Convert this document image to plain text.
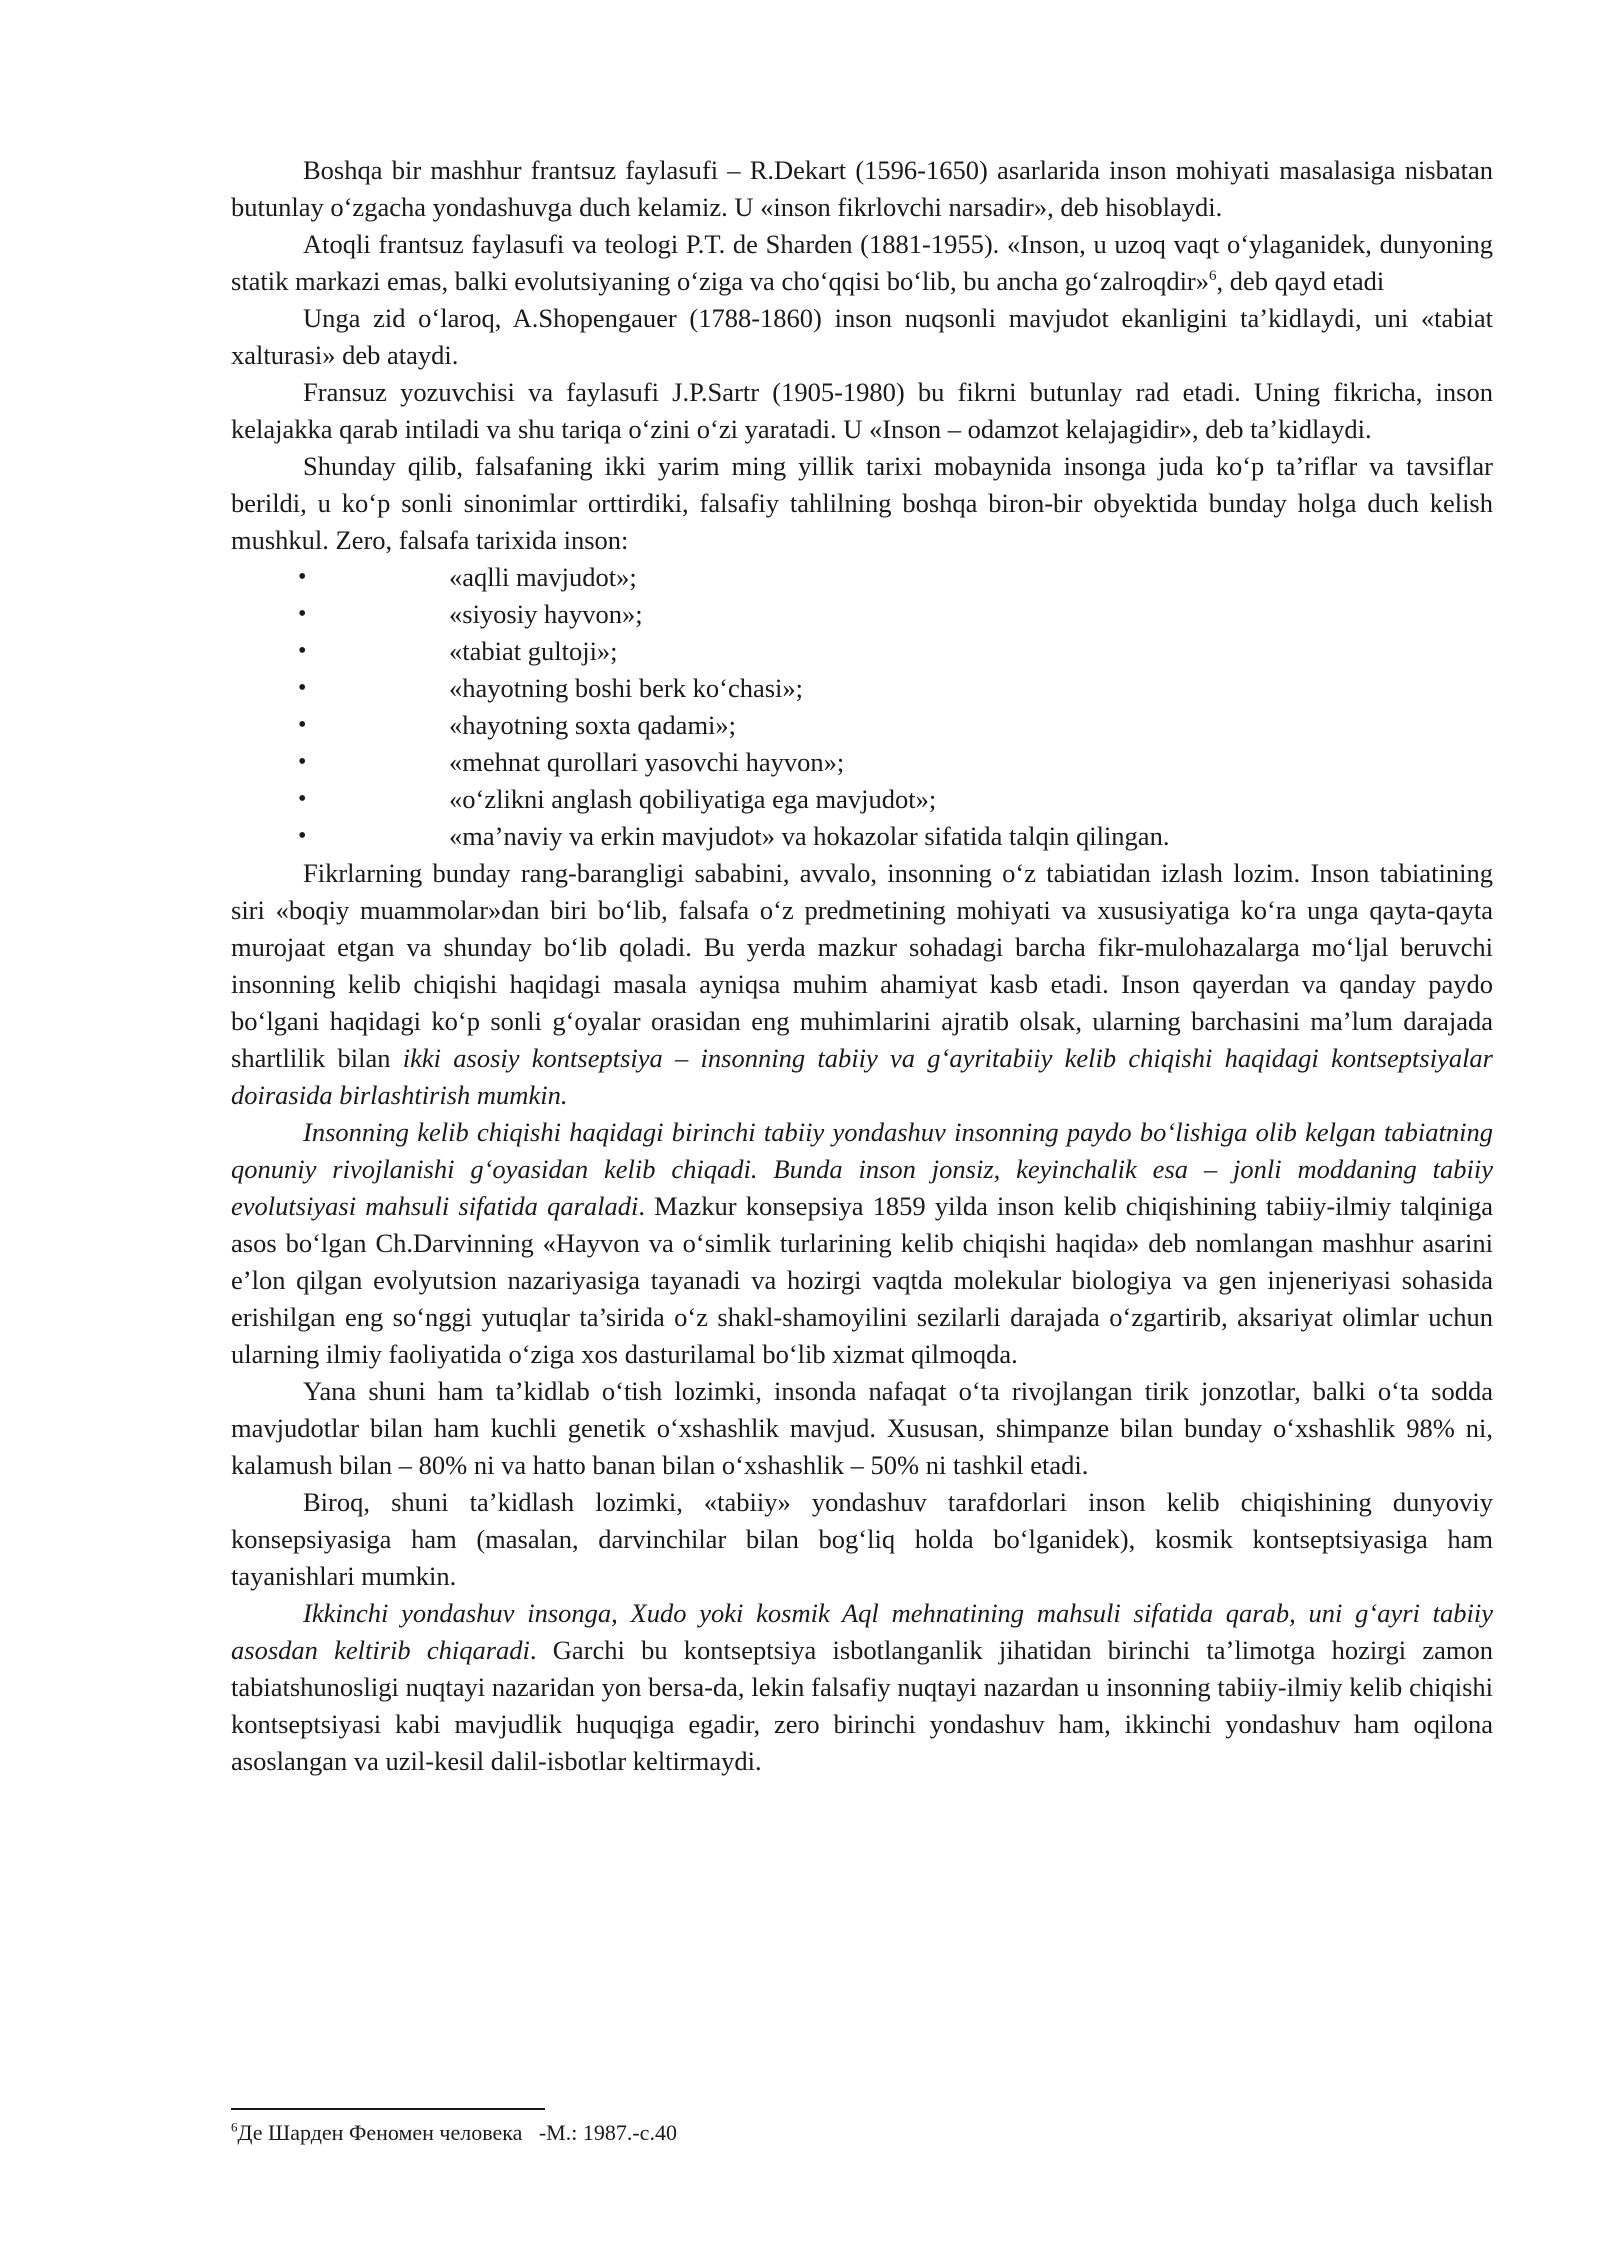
Boshqa bir mashhur frantsuz faylasufi – R.Dekart (1596-1650) asarlarida inson mohiyati masalasiga nisbatan butunlay oʻzgacha yondashuvga duch kelamiz. U «inson fikrlovchi narsadir», deb hisoblaydi.

Atoqli frantsuz faylasufi va teologi P.T. de Sharden (1881-1955). «Inson, u uzoq vaqt oʻylaganidek, dunyoning statik markazi emas, balki evolutsiyaning oʻziga va choʻqqisi boʻlib, bu ancha goʻzalroqdir»$^6$, deb qayd etadi

Unga zid oʻlaroq, A.Shopengauer (1788-1860) inson nuqsonli mavjudot ekanligini ta’kidlaydi, uni «tabiat xalturasi» deb ataydi.

Fransuz yozuvchisi va faylasufi J.P.Sartr (1905-1980) bu fikrni butunlay rad etadi. Uning fikricha, inson kelajakka qarab intiladi va shu tariqa oʻzini oʻzi yaratadi. U «Inson – odamzot kelajagidir», deb ta’kidlaydi.

Shunday qilib, falsafaning ikki yarim ming yillik tarixi mobaynida insonga juda koʻp ta’riflar va tavsiflar berildi, u koʻp sonli sinonimlar orttirdiki, falsafiy tahlilning boshqa biron-bir obyektida bunday holga duch kelish mushkul. Zero, falsafa tarixida inson:

•	«aqlli mavjudot»;
•	«siyosiy hayvon»;
•	«tabiat gultoji»;
•	«hayotning boshi berk koʻchasi»;
•	«hayotning soxta qadami»;
•	«mehnat qurollari yasovchi hayvon»;
•	«oʻzlikni anglash qobiliyatiga ega mavjudot»;
•	«ma’naviy va erkin mavjudot» va hokazolar sifatida talqin qilingan.

Fikrlarning bunday rang-barangligi sababini, avvalo, insonning oʻz tabiatidan izlash lozim. Inson tabiatining siri «boqiy muammolar»dan biri boʻlib, falsafa oʻz predmetining mohiyati va xususiyatiga koʻra unga qayta-qayta murojaat etgan va shunday boʻlib qoladi. Bu yerda mazkur sohadagi barcha fikr-mulohazalarga moʻljal beruvchi insonning kelib chiqishi haqidagi masala ayniqsa muhim ahamiyat kasb etadi. Inson qayerdan va qanday paydo boʻlgani haqidagi koʻp sonli gʻoyalar orasidan eng muhimlarini ajratib olsak, ularning barchasini ma’lum darajada shartlilik bilan ikki asosiy kontseptsiya – insonning tabiiy va gʻayritabiiy kelib chiqishi haqidagi kontseptsiyalar doirasida birlashtirish mumkin.

Insonning kelib chiqishi haqidagi birinchi tabiiy yondashuv insonning paydo boʻlishiga olib kelgan tabiatning qonuniy rivojlanishi gʻoyasidan kelib chiqadi. Bunda inson jonsiz, keyinchalik esa – jonli moddaning tabiiy evolutsiyasi mahsuli sifatida qaraladi. Mazkur konsepsiya 1859 yilda inson kelib chiqishining tabiiy-ilmiy talqiniga asos boʻlgan Ch.Darvinning «Hayvon va oʻsimlik turlarining kelib chiqishi haqida» deb nomlangan mashhur asarini e’lon qilgan evolyutsion nazariyasiga tayanadi va hozirgi vaqtda molekular biologiya va gen injeneriyasi sohasida erishilgan eng soʻnggi yutuqlar ta’sirida oʻz shakl-shamoyilini sezilarli darajada oʻzgartirib, aksariyat olimlar uchun ularning ilmiy faoliyatida oʻziga xos dasturilamal boʻlib xizmat qilmoqda.

Yana shuni ham ta’kidlab oʻtish lozimki, insonda nafaqat oʻta rivojlangan tirik jonzotlar, balki oʻta sodda mavjudotlar bilan ham kuchli genetik oʻxshashlik mavjud. Xususan, shimpanze bilan bunday oʻxshashlik 98% ni, kalamush bilan – 80% ni va hatto banan bilan oʻxshashlik – 50% ni tashkil etadi.

Biroq, shuni ta’kidlash lozimki, «tabiiy» yondashuv tarafdorlari inson kelib chiqishining dunyoviy konsepsiyasiga ham (masalan, darvinchilar bilan bogʻliq holda boʻlganidek), kosmik kontseptsiyasiga ham tayanishlari mumkin.

Ikkinchi yondashuv insonga, Xudo yoki kosmik Aql mehnatining mahsuli sifatida qarab, uni gʻayri tabiiy asosdan keltirib chiqaradi. Garchi bu kontseptsiya isbotlanganlik jihatidan birinchi ta’limotga hozirgi zamon tabiatshunosligi nuqtayi nazaridan yon bersa-da, lekin falsafiy nuqtayi nazardan u insonning tabiiy-ilmiy kelib chiqishi kontseptsiyasi kabi mavjudlik huquqiga egadir, zero birinchi yondashuv ham, ikkinchi yondashuv ham oqilona asoslangan va uzil-kesil dalil-isbotlar keltirmaydi.

$^6$Де Шарден Феномен человека   -М.: 1987.-с.40
